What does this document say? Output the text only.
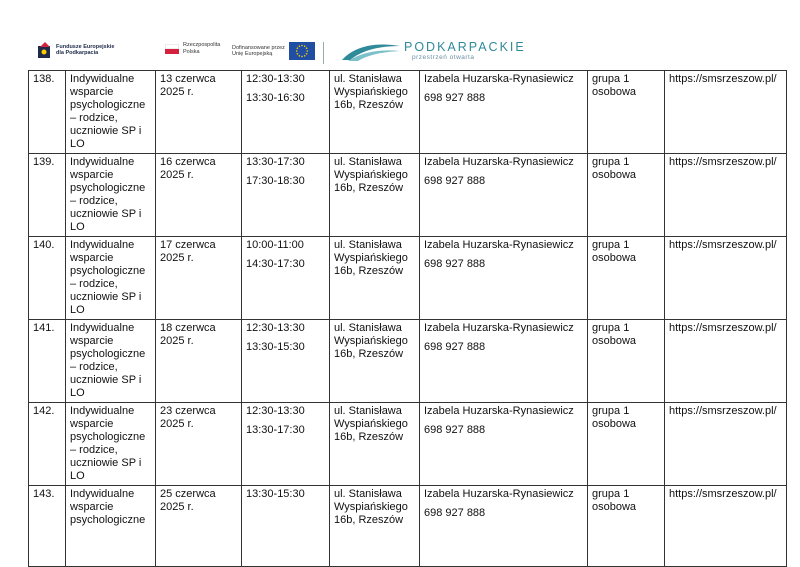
Fundusze Europejskie
dla Podkarpacia
Rzeczpospolita
Polska
Dofinansowane przez
Unię Europejską
PODKARPACKIE
przestrzeń otwarta
138.	Indywidualne wsparcie psychologiczne – rodzice, uczniowie SP i LO	13 czerwca 2025 r.	12:30-13:30
13:30-16:30	ul. Stanisława Wyspiańskiego 16b, Rzeszów	Izabela Huzarska-Rynasiewicz
698 927 888	grupa 1 osobowa	https://smsrzeszow.pl/
139.	Indywidualne wsparcie psychologiczne – rodzice, uczniowie SP i LO	16 czerwca 2025 r.	13:30-17:30
17:30-18:30	ul. Stanisława Wyspiańskiego 16b, Rzeszów	Izabela Huzarska-Rynasiewicz
698 927 888	grupa 1 osobowa	https://smsrzeszow.pl/
140.	Indywidualne wsparcie psychologiczne – rodzice, uczniowie SP i LO	17 czerwca 2025 r.	10:00-11:00
14:30-17:30	ul. Stanisława Wyspiańskiego 16b, Rzeszów	Izabela Huzarska-Rynasiewicz
698 927 888	grupa 1 osobowa	https://smsrzeszow.pl/
141.	Indywidualne wsparcie psychologiczne – rodzice, uczniowie SP i LO	18 czerwca 2025 r.	12:30-13:30
13:30-15:30	ul. Stanisława Wyspiańskiego 16b, Rzeszów	Izabela Huzarska-Rynasiewicz
698 927 888	grupa 1 osobowa	https://smsrzeszow.pl/
142.	Indywidualne wsparcie psychologiczne – rodzice, uczniowie SP i LO	23 czerwca 2025 r.	12:30-13:30
13:30-17:30	ul. Stanisława Wyspiańskiego 16b, Rzeszów	Izabela Huzarska-Rynasiewicz
698 927 888	grupa 1 osobowa	https://smsrzeszow.pl/
143.	Indywidualne wsparcie psychologiczne	25 czerwca 2025 r.	13:30-15:30	ul. Stanisława Wyspiańskiego 16b, Rzeszów	Izabela Huzarska-Rynasiewicz
698 927 888	grupa 1 osobowa	https://smsrzeszow.pl/
